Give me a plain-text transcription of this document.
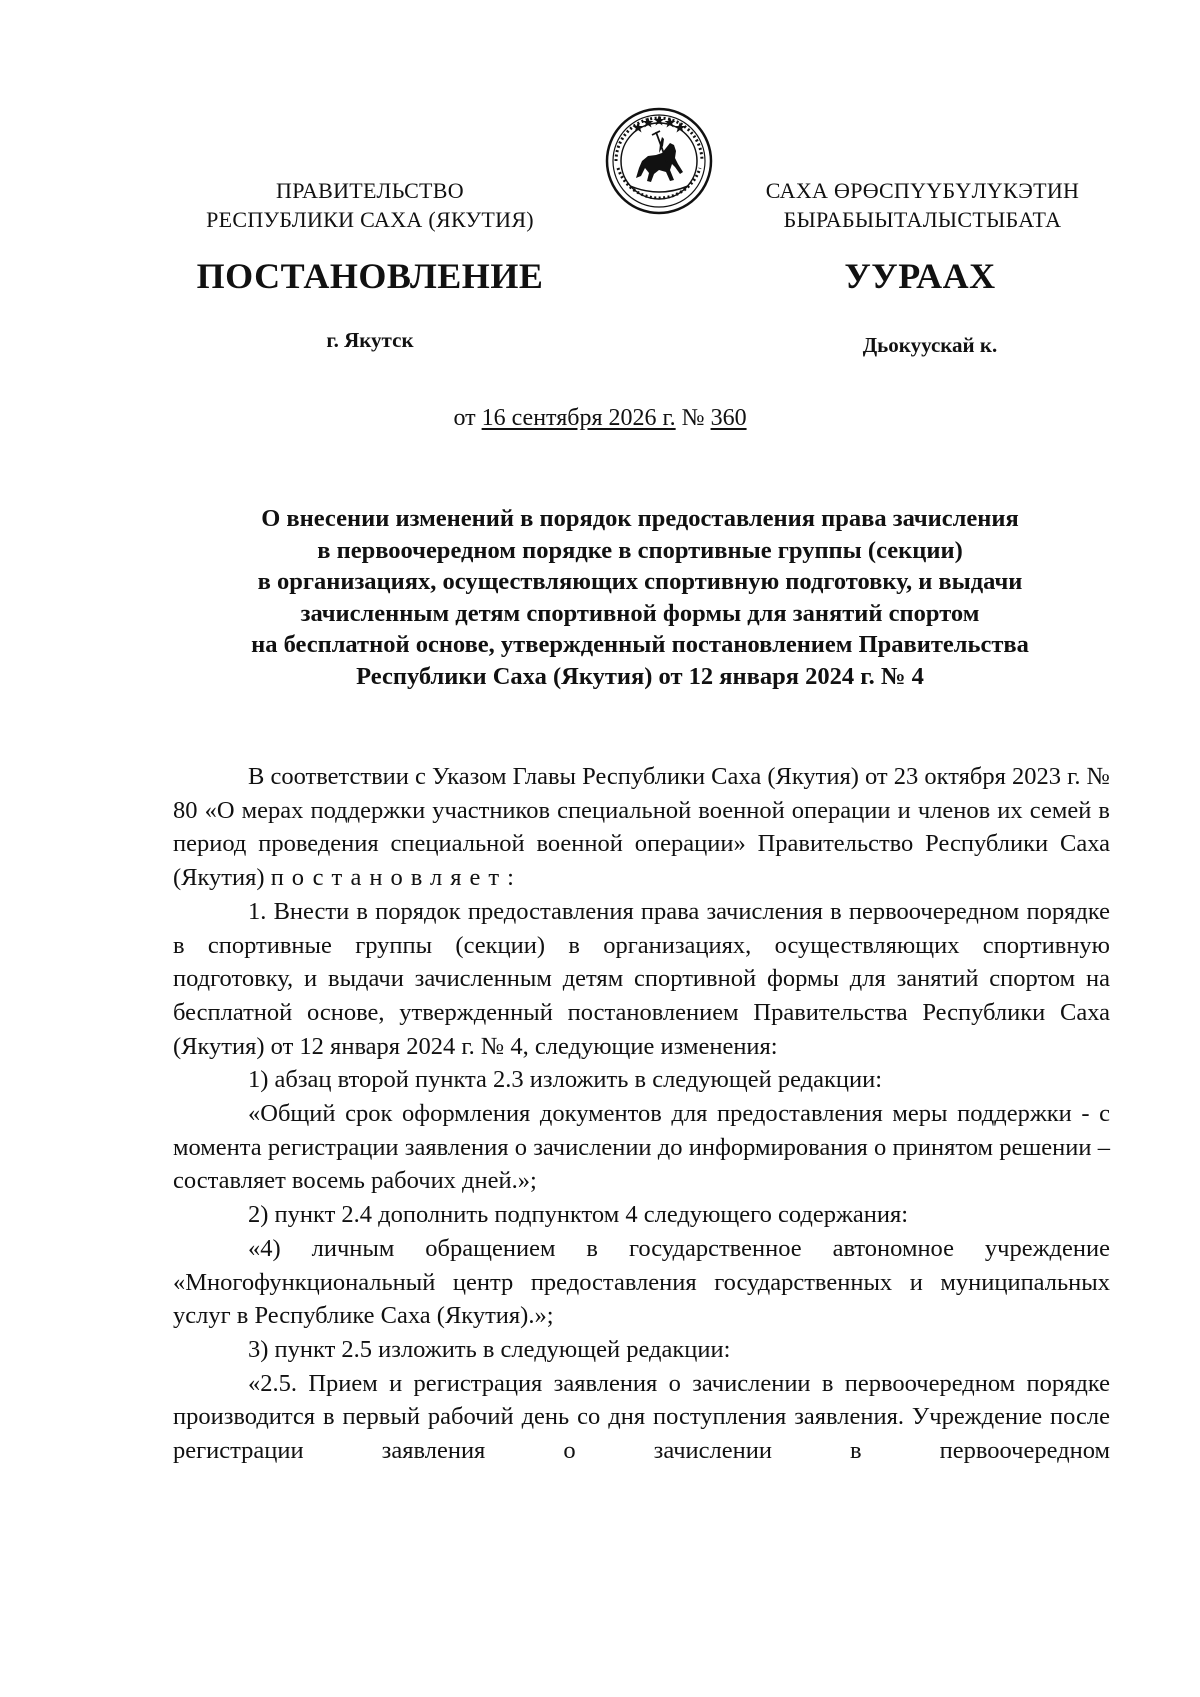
ПРАВИТЕЛЬСТВО
РЕСПУБЛИКИ САХА (ЯКУТИЯ)
САХА ӨРӨСПҮҮБҮЛҮКЭТИН
БЫРАБЫЫТАЛЫСТЫБАТА
ПОСТАНОВЛЕНИЕ	УУРААХ
г. Якутск	Дьокуускай к.
от 16 сентября 2026 г. № 360
О внесении изменений в порядок предоставления права зачисления
в первоочередном порядке в спортивные группы (секции)
в организациях, осуществляющих спортивную подготовку, и выдачи
зачисленным детям спортивной формы для занятий спортом
на бесплатной основе, утвержденный постановлением Правительства
Республики Саха (Якутия) от 12 января 2024 г. № 4

В соответствии с Указом Главы Республики Саха (Якутия) от 23 октября 2023 г. № 80 «О мерах поддержки участников специальной военной операции и членов их семей в период проведения специальной военной операции» Правительство Республики Саха (Якутия) постановляет:

1. Внести в порядок предоставления права зачисления в первоочередном порядке в спортивные группы (секции) в организациях, осуществляющих спортивную подготовку, и выдачи зачисленным детям спортивной формы для занятий спортом на бесплатной основе, утвержденный постановлением Правительства Республики Саха (Якутия) от 12 января 2024 г. № 4, следующие изменения:

1) абзац второй пункта 2.3 изложить в следующей редакции:

«Общий срок оформления документов для предоставления меры поддержки - с момента регистрации заявления о зачислении до информирования о принятом решении – составляет восемь рабочих дней.»;

2) пункт 2.4 дополнить подпунктом 4 следующего содержания:

«4) личным обращением в государственное автономное учреждение «Многофункциональный центр предоставления государственных и муниципальных услуг в Республике Саха (Якутия).»;

3) пункт 2.5 изложить в следующей редакции:

«2.5. Прием и регистрация заявления о зачислении в первоочередном порядке производится в первый рабочий день со дня поступления заявления. Учреждение после регистрации заявления о зачислении в первоочередном
